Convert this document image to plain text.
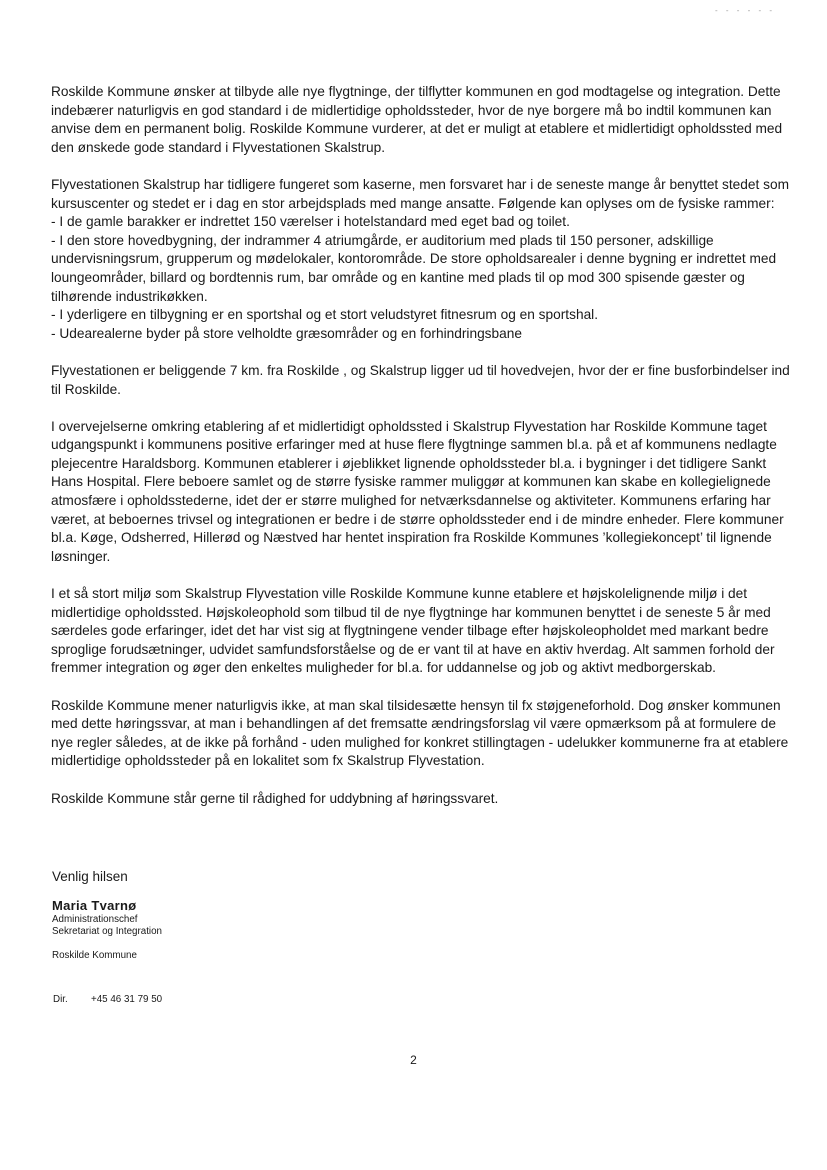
‑ ‑ ‑ ‑ ‑ ‑

Roskilde Kommune ønsker at tilbyde alle nye flygtninge, der tilflytter kommunen en god modtagelse og integration. Dette indebærer naturligvis en god standard i de midlertidige opholdssteder, hvor de nye borgere må bo indtil kommunen kan anvise dem en permanent bolig. Roskilde Kommune vurderer, at det er muligt at etablere et midlertidigt opholdssted med den ønskede gode standard i Flyvestationen Skalstrup.

Flyvestationen Skalstrup har tidligere fungeret som kaserne, men forsvaret har i de seneste mange år benyttet stedet som kursuscenter og stedet er i dag en stor arbejdsplads med mange ansatte. Følgende kan oplyses om de fysiske rammer:

- I de gamle barakker er indrettet 150 værelser i hotelstandard med eget bad og toilet.
- I den store hovedbygning, der indrammer 4 atriumgårde, er auditorium med plads til 150 personer, adskillige undervisningsrum, grupperum og mødelokaler, kontorområde. De store opholdsarealer i denne bygning er indrettet med loungeområder, billard og bordtennis rum, bar område og en kantine med plads til op mod 300 spisende gæster og tilhørende industrikøkken.
- I yderligere en tilbygning er en sportshal og et stort veludstyret fitnesrum og en sportshal.
- Udearealerne byder på store velholdte græsområder og en forhindringsbane

Flyvestationen er beliggende 7 km. fra Roskilde , og Skalstrup ligger ud til hovedvejen, hvor der er fine busforbindelser ind til Roskilde.

I overvejelserne omkring etablering af et midlertidigt opholdssted i Skalstrup Flyvestation har Roskilde Kommune taget udgangspunkt i kommunens positive erfaringer med at huse flere flygtninge sammen bl.a. på et af kommunens nedlagte plejecentre Haraldsborg. Kommunen etablerer i øjeblikket lignende opholdssteder bl.a. i bygninger i det tidligere Sankt Hans Hospital. Flere beboere samlet og de større fysiske rammer muliggør at kommunen kan skabe en kollegielignede atmosfære i opholdsstederne, idet der er større mulighed for netværksdannelse og aktiviteter. Kommunens erfaring har været, at beboernes trivsel og integrationen er bedre i de større opholdssteder end i de mindre enheder. Flere kommuner bl.a. Køge, Odsherred, Hillerød og Næstved har hentet inspiration fra Roskilde Kommunes ’kollegiekoncept’ til lignende løsninger.

I et så stort miljø som Skalstrup Flyvestation ville Roskilde Kommune kunne etablere et højskolelignende miljø i det midlertidige opholdssted. Højskoleophold som tilbud til de nye flygtninge har kommunen benyttet i de seneste 5 år med særdeles gode erfaringer, idet det har vist sig at flygtningene vender tilbage efter højskoleopholdet med markant bedre sproglige forudsætninger, udvidet samfundsforståelse og de er vant til at have en aktiv hverdag. Alt sammen forhold der fremmer integration og øger den enkeltes muligheder for bl.a. for uddannelse og job og aktivt medborgerskab.

Roskilde Kommune mener naturligvis ikke, at man skal tilsidesætte hensyn til fx støjgeneforhold. Dog ønsker kommunen med dette høringssvar, at man i behandlingen af det fremsatte ændringsforslag vil være opmærksom på at formulere de nye regler således, at de ikke på forhånd - uden mulighed for konkret stillingtagen - udelukker kommunerne fra at etablere midlertidige opholdssteder på en lokalitet som fx Skalstrup Flyvestation.

Roskilde Kommune står gerne til rådighed for uddybning af høringssvaret.

Venlig hilsen
Maria Tvarnø
Administrationschef
Sekretariat og Integration
Roskilde Kommune
Dir. +45 46 31 79 50
2
